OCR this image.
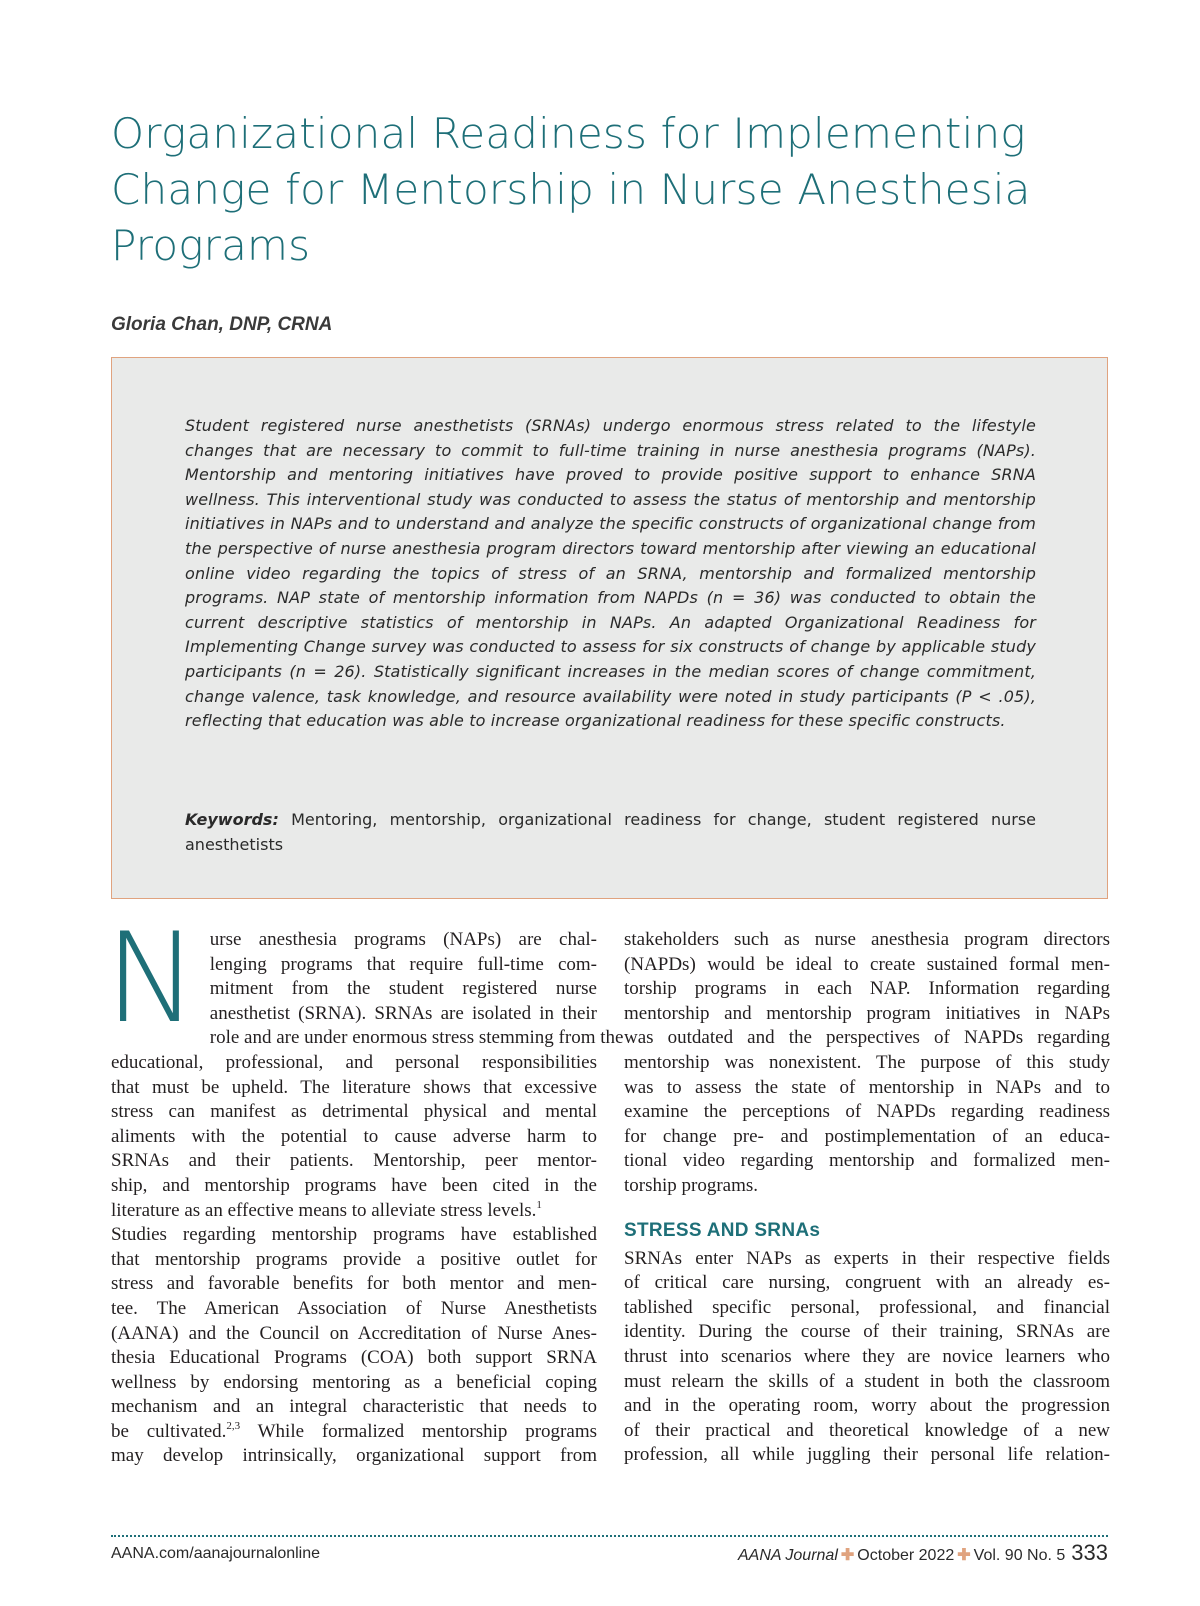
Organizational Readiness for Implementing
Change for Mentorship in Nurse Anesthesia
Programs

Gloria Chan, DNP, CRNA

Student registered nurse anesthetists (SRNAs) undergo enormous stress related to the lifestyle changes that are necessary to commit to full-time training in nurse anesthesia programs (NAPs). Mentorship and mentoring initiatives have proved to provide positive support to enhance SRNA wellness. This interventional study was conducted to assess the status of mentorship and mentorship initiatives in NAPs and to understand and analyze the specific constructs of organizational change from the perspective of nurse anesthesia program directors toward mentorship after viewing an educational online video regarding the topics of stress of an SRNA, mentorship and formalized mentorship programs. NAP state of mentorship information from NAPDs (n = 36) was conducted to obtain the current descriptive statistics of mentorship in NAPs. An adapted Organizational Readiness for Implementing Change survey was conducted to assess for six constructs of change by applicable study participants (n = 26). Statistically significant increases in the median scores of change commitment, change valence, task knowledge, and resource availability were noted in study participants (P < .05), reflecting that education was able to increase organizational readiness for these specific constructs.

Keywords: Mentoring, mentorship, organizational readiness for change, student registered nurse anesthetists

N urse anesthesia programs (NAPs) are chal-
lenging programs that require full-time com-
mitment from the student registered nurse
anesthetist (SRNA). SRNAs are isolated in their
role and are under enormous stress stemming from the
educational, professional, and personal responsibilities
that must be upheld. The literature shows that excessive
stress can manifest as detrimental physical and mental
aliments with the potential to cause adverse harm to
SRNAs and their patients. Mentorship, peer mentor-
ship, and mentorship programs have been cited in the
literature as an effective means to alleviate stress levels.$^1$
Studies regarding mentorship programs have established
that mentorship programs provide a positive outlet for
stress and favorable benefits for both mentor and men-
tee. The American Association of Nurse Anesthetists
(AANA) and the Council on Accreditation of Nurse Anes-
thesia Educational Programs (COA) both support SRNA
wellness by endorsing mentoring as a beneficial coping
mechanism and an integral characteristic that needs to
be cultivated.$^{2,3}$ While formalized mentorship programs
may develop intrinsically, organizational support from

stakeholders such as nurse anesthesia program directors
(NAPDs) would be ideal to create sustained formal men-
torship programs in each NAP. Information regarding
mentorship and mentorship program initiatives in NAPs
was outdated and the perspectives of NAPDs regarding
mentorship was nonexistent. The purpose of this study
was to assess the state of mentorship in NAPs and to
examine the perceptions of NAPDs regarding readiness
for change pre- and postimplementation of an educa-
tional video regarding mentorship and formalized men-
torship programs.

STRESS AND SRNAs

SRNAs enter NAPs as experts in their respective fields
of critical care nursing, congruent with an already es-
tablished specific personal, professional, and financial
identity. During the course of their training, SRNAs are
thrust into scenarios where they are novice learners who
must relearn the skills of a student in both the classroom
and in the operating room, worry about the progression
of their practical and theoretical knowledge of a new
profession, all while juggling their personal life relation-

AANA.com/aanajournalonline	AANA Journal ✚ October 2022 ✚ Vol. 90 No. 5 333
